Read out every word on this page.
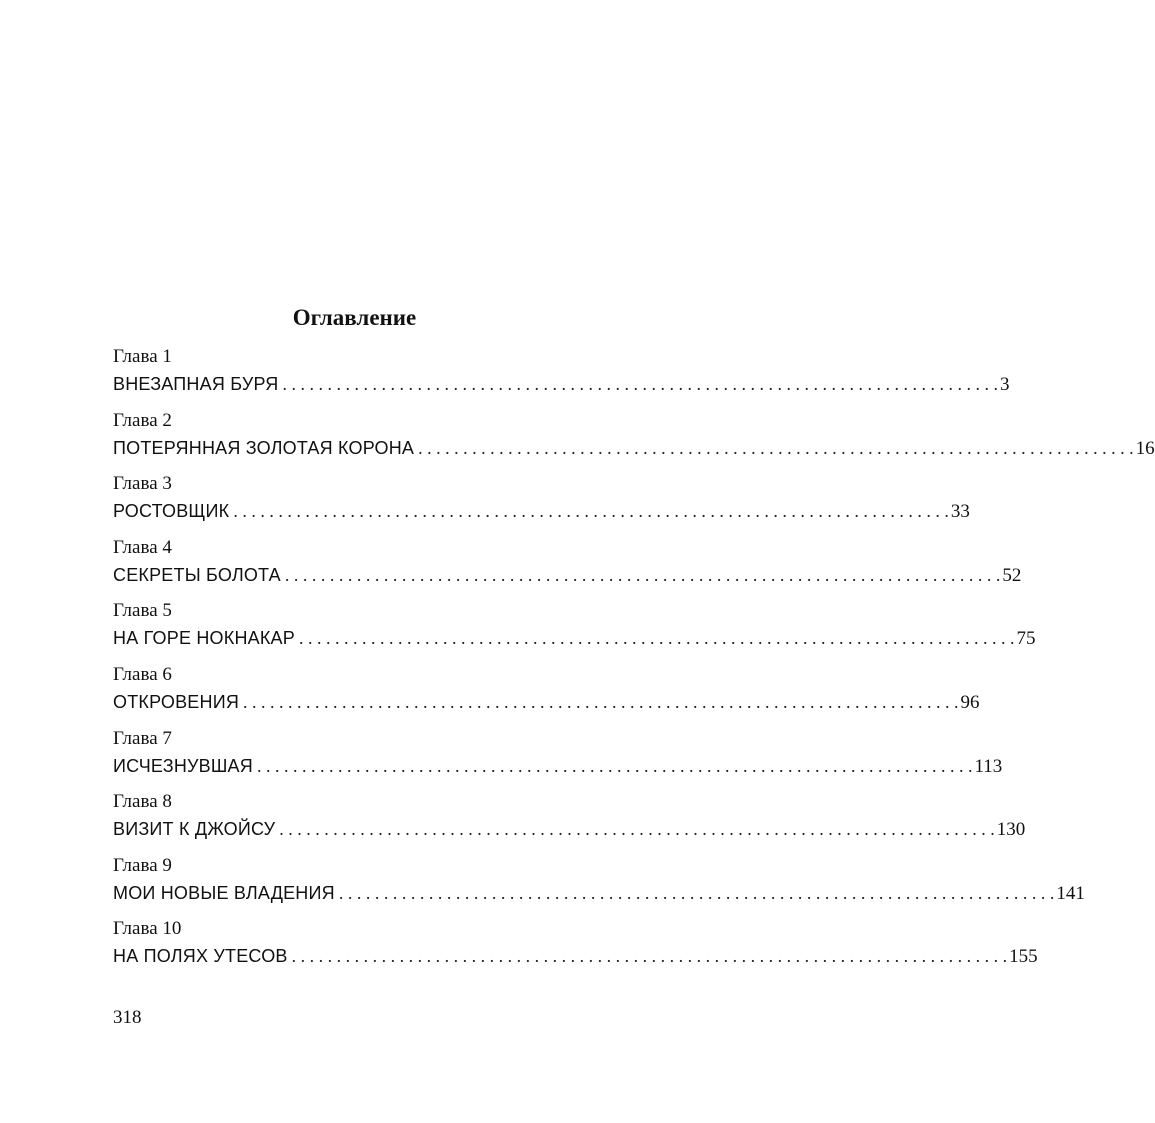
Оглавление
Глава 1
ВНЕЗАПНАЯ БУРЯ . . . . . . . . . . . . . . . . . . . . . . . . . . . . . . . . . . . . . . . . . . . . . . . . . . . . . . . . . . . . . . . . . . . . . . . . . . . . . . . . 3
Глава 2
ПОТЕРЯННАЯ ЗОЛОТАЯ КОРОНА . . . . . . . . . . . . . . . . . . . . . . . . . . . . . . . . . . . . . . . . . . . . . . . . . . . . . . . . . . . . . . . . . . . . . . . . . . . . . . . . 16
Глава 3
РОСТОВЩИК . . . . . . . . . . . . . . . . . . . . . . . . . . . . . . . . . . . . . . . . . . . . . . . . . . . . . . . . . . . . . . . . . . . . . . . . . . . . . . . . 33
Глава 4
СЕКРЕТЫ БОЛОТА . . . . . . . . . . . . . . . . . . . . . . . . . . . . . . . . . . . . . . . . . . . . . . . . . . . . . . . . . . . . . . . . . . . . . . . . . . . . . . . . 52
Глава 5
НА ГОРЕ НОКНАКАР . . . . . . . . . . . . . . . . . . . . . . . . . . . . . . . . . . . . . . . . . . . . . . . . . . . . . . . . . . . . . . . . . . . . . . . . . . . . . . . . 75
Глава 6
ОТКРОВЕНИЯ . . . . . . . . . . . . . . . . . . . . . . . . . . . . . . . . . . . . . . . . . . . . . . . . . . . . . . . . . . . . . . . . . . . . . . . . . . . . . . . . 96
Глава 7
ИСЧЕЗНУВШАЯ . . . . . . . . . . . . . . . . . . . . . . . . . . . . . . . . . . . . . . . . . . . . . . . . . . . . . . . . . . . . . . . . . . . . . . . . . . . . . . . . 113
Глава 8
ВИЗИТ К ДЖОЙСУ . . . . . . . . . . . . . . . . . . . . . . . . . . . . . . . . . . . . . . . . . . . . . . . . . . . . . . . . . . . . . . . . . . . . . . . . . . . . . . . . 130
Глава 9
МОИ НОВЫЕ ВЛАДЕНИЯ . . . . . . . . . . . . . . . . . . . . . . . . . . . . . . . . . . . . . . . . . . . . . . . . . . . . . . . . . . . . . . . . . . . . . . . . . . . . . . . . 141
Глава 10
НА ПОЛЯХ УТЕСОВ . . . . . . . . . . . . . . . . . . . . . . . . . . . . . . . . . . . . . . . . . . . . . . . . . . . . . . . . . . . . . . . . . . . . . . . . . . . . . . . . 155
318
